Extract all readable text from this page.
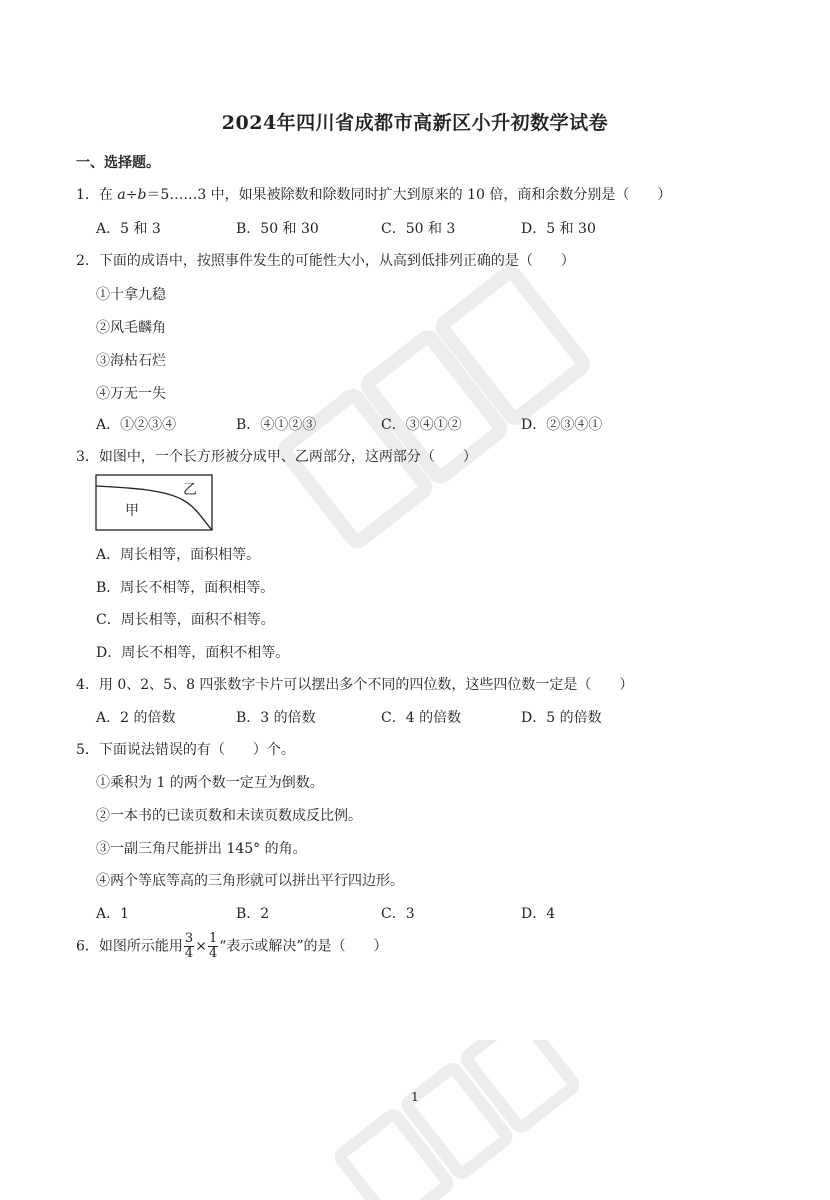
2024年四川省成都市高新区小升初数学试卷
一、选择题。
1．在 a÷b＝5……3 中，如果被除数和除数同时扩大到原来的 10 倍，商和余数分别是（　　）
A．5 和 3	B．50 和 30	C．50 和 3	D．5 和 30
2．下面的成语中，按照事件发生的可能性大小，从高到低排列正确的是（　　）
①十拿九稳
②风毛麟角
③海枯石烂
④万无一失
A．①②③④	B．④①②③	C．③④①②	D．②③④①
3．如图中，一个长方形被分成甲、乙两部分，这两部分（　　）
甲
乙
A．周长相等，面积相等。
B．周长不相等，面积相等。
C．周长相等，面积不相等。
D．周长不相等，面积不相等。
4．用 0、2、5、8 四张数字卡片可以摆出多个不同的四位数，这些四位数一定是（　　）
A．2 的倍数	B．3 的倍数	C．4 的倍数	D．5 的倍数
5．下面说法错误的有（　　）个。
①乘积为 1 的两个数一定互为倒数。
②一本书的已读页数和未读页数成反比例。
③一副三角尺能拼出 145° 的角。
④两个等底等高的三角形就可以拼出平行四边形。
A．1	B．2	C．3	D．4
6．如图所示能用 $\frac{3}{4} \times \frac{1}{4}$ “表示或解决”的是（　　）
1
